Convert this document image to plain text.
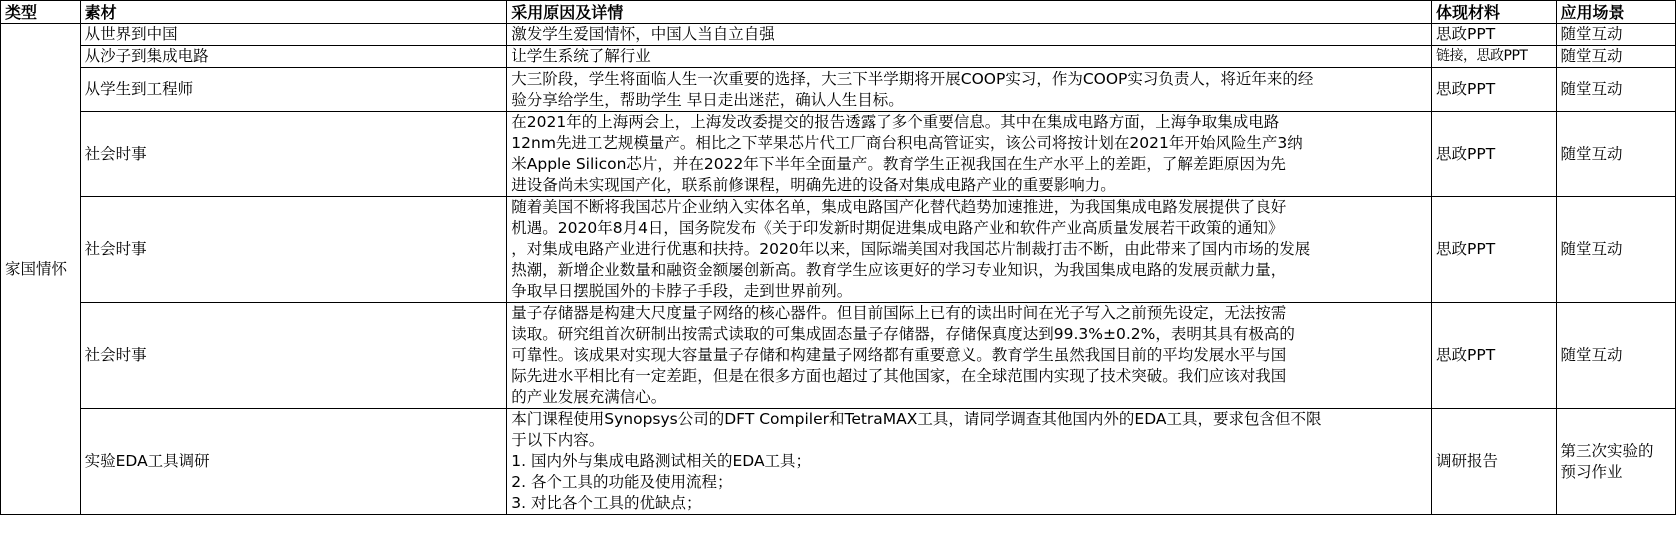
类型	素材	采用原因及详情	体现材料	应用场景
家国情怀	从世界到中国	激发学生爱国情怀，中国人当自立自强	思政PPT	随堂互动
	从沙子到集成电路	让学生系统了解行业	链接，思政PPT	随堂互动
	从学生到工程师	大三阶段，学生将面临人生一次重要的选择，大三下半学期将开展COOP实习，作为COOP实习负责人，将近年来的经
验分享给学生，帮助学生 早日走出迷茫，确认人生目标。	思政PPT	随堂互动
	社会时事	在2021年的上海两会上，上海发改委提交的报告透露了多个重要信息。其中在集成电路方面，上海争取集成电路
12nm先进工艺规模量产。相比之下苹果芯片代工厂商台积电高管证实，该公司将按计划在2021年开始风险生产3纳
米Apple Silicon芯片，并在2022年下半年全面量产。教育学生正视我国在生产水平上的差距，了解差距原因为先
进设备尚未实现国产化，联系前修课程，明确先进的设备对集成电路产业的重要影响力。	思政PPT	随堂互动
	社会时事	随着美国不断将我国芯片企业纳入实体名单，集成电路国产化替代趋势加速推进，为我国集成电路发展提供了良好
机遇。2020年8月4日，国务院发布《关于印发新时期促进集成电路产业和软件产业高质量发展若干政策的通知》
，对集成电路产业进行优惠和扶持。2020年以来，国际端美国对我国芯片制裁打击不断，由此带来了国内市场的发展
热潮，新增企业数量和融资金额屡创新高。教育学生应该更好的学习专业知识，为我国集成电路的发展贡献力量，
争取早日摆脱国外的卡脖子手段，走到世界前列。	思政PPT	随堂互动
	社会时事	量子存储器是构建大尺度量子网络的核心器件。但目前国际上已有的读出时间在光子写入之前预先设定，无法按需
读取。研究组首次研制出按需式读取的可集成固态量子存储器，存储保真度达到99.3%±0.2%，表明其具有极高的
可靠性。该成果对实现大容量量子存储和构建量子网络都有重要意义。教育学生虽然我国目前的平均发展水平与国
际先进水平相比有一定差距，但是在很多方面也超过了其他国家，在全球范围内实现了技术突破。我们应该对我国
的产业发展充满信心。	思政PPT	随堂互动
	实验EDA工具调研	本门课程使用Synopsys公司的DFT Compiler和TetraMAX工具，请同学调查其他国内外的EDA工具，要求包含但不限
于以下内容。
1. 国内外与集成电路测试相关的EDA工具；
2. 各个工具的功能及使用流程；
3. 对比各个工具的优缺点；	调研报告	第三次实验的
预习作业
